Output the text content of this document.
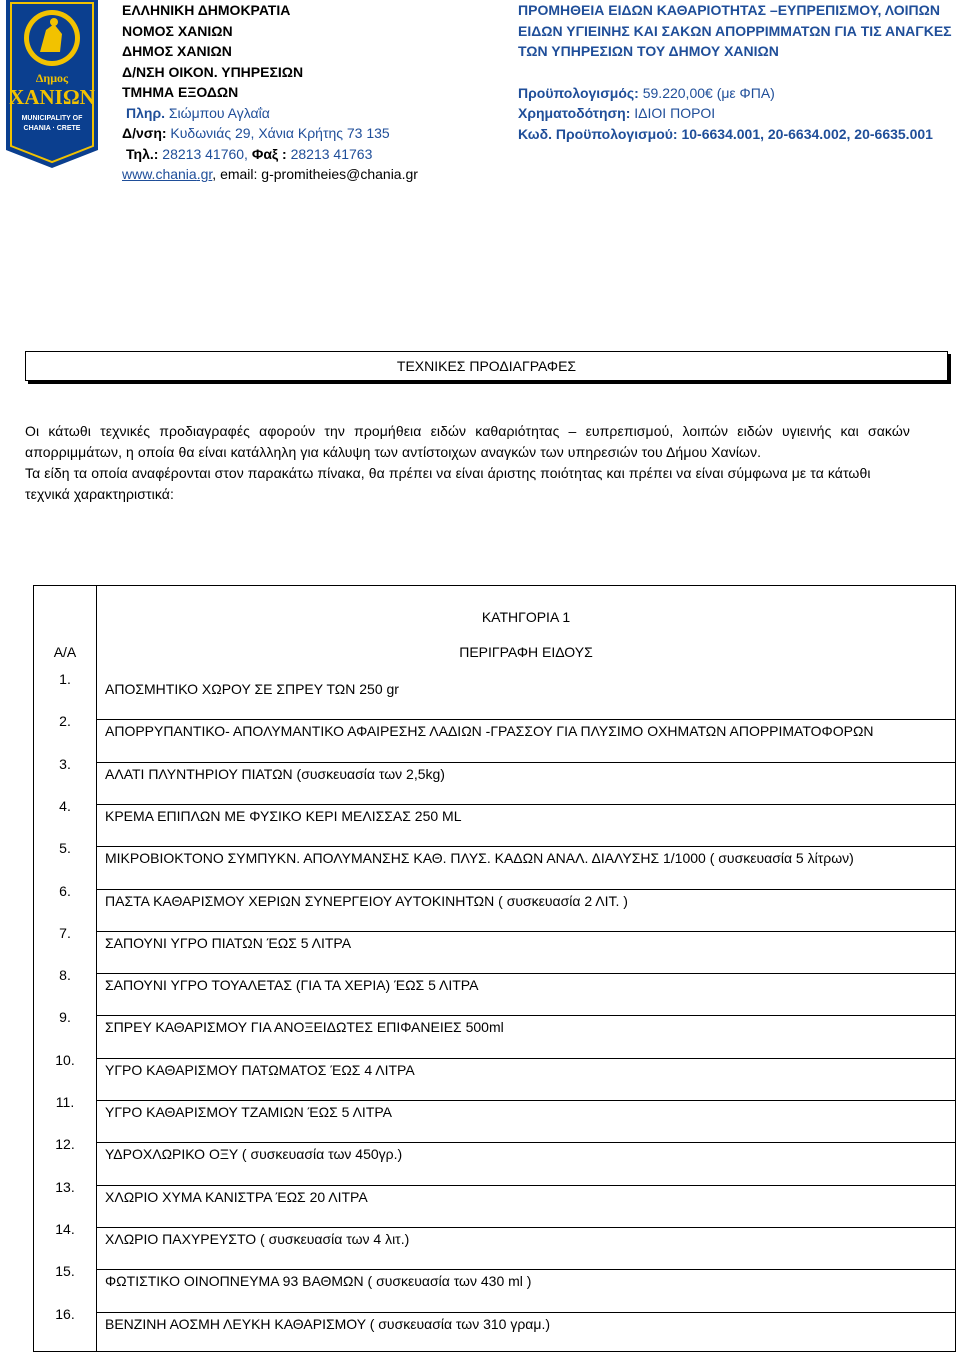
Δημος
ΧΑΝΙΩΝ
MUNICIPALITY OF
CHANIA · CRETE
ΕΛΛΗΝΙΚΗ ΔΗΜΟΚΡΑΤΙΑ
ΝΟΜΟΣ ΧΑΝΙΩΝ
ΔΗΜΟΣ ΧΑΝΙΩΝ
Δ/ΝΣΗ ΟΙΚΟΝ. ΥΠΗΡΕΣΙΩΝ
ΤΜΗΜΑ ΕΞΟΔΩΝ
Πληρ. Σιώμπου Αγλαΐα
Δ/νση: Κυδωνιάς 29, Χάνια Κρήτης 73 135
Τηλ.: 28213 41760, Φαξ : 28213 41763
www.chania.gr, email: g-promitheies@chania.gr
ΠΡΟΜΗΘΕΙΑ ΕΙΔΩΝ ΚΑΘΑΡΙΟΤΗΤΑΣ –ΕΥΠΡΕΠΙΣΜΟΥ, ΛΟΙΠΩΝ ΕΙΔΩΝ ΥΓΙΕΙΝΗΣ ΚΑΙ ΣΑΚΩΝ ΑΠΟΡΡΙΜΜΑΤΩΝ ΓΙΑ ΤΙΣ ΑΝΑΓΚΕΣ ΤΩΝ ΥΠΗΡΕΣΙΩΝ ΤΟΥ ΔΗΜΟΥ ΧΑΝΙΩΝ
Προϋπολογισμός: 59.220,00€ (με ΦΠΑ)
Χρηματοδότηση: ΙΔΙΟΙ ΠΟΡΟΙ
Κωδ. Προϋπολογισμού: 10-6634.001, 20-6634.002, 20-6635.001
ΤΕΧΝΙΚΕΣ ΠΡΟΔΙΑΓΡΑΦΕΣ

Οι κάτωθι τεχνικές προδιαγραφές αφορούν την προμήθεια ειδών καθαριότητας – ευπρεπισμού, λοιπών ειδών υγιεινής και σακών απορριμμάτων, η οποία θα είναι κατάλληλη για κάλυψη των αντίστοιχων αναγκών των υπηρεσιών του Δήμου Χανίων.

Τα είδη τα οποία αναφέρονται στον παρακάτω πίνακα, θα πρέπει να είναι άριστης ποιότητας και πρέπει να είναι σύμφωνα με τα κάτωθι τεχνικά χαρακτηριστικά:

ΚΑΤΗΓΟΡΙΑ 1
Α/Α	ΠΕΡΙΓΡΑΦΗ ΕΙΔΟΥΣ
1.
ΑΠΟΣΜΗΤΙΚΟ ΧΩΡΟΥ ΣΕ ΣΠΡΕΥ ΤΩΝ 250 gr
2.
ΑΠΟΡΡΥΠΑΝΤΙΚΟ- ΑΠΟΛΥΜΑΝΤΙΚΟ ΑΦΑΙΡΕΣΗΣ ΛΑΔΙΩΝ -ΓΡΑΣΣΟΥ ΓΙΑ ΠΛΥΣΙΜΟ ΟΧΗΜΑΤΩΝ ΑΠΟΡΡΙΜΑΤΟΦΟΡΩΝ
3.
ΑΛΑΤΙ ΠΛΥΝΤΗΡΙΟΥ ΠΙΑΤΩΝ (συσκευασία των 2,5kg)
4.
ΚΡΕΜΑ ΕΠΙΠΛΩΝ ΜΕ ΦΥΣΙΚΟ ΚΕΡΙ ΜΕΛΙΣΣΑΣ 250 ML
5.
ΜΙΚΡΟΒΙΟΚΤΟΝΟ ΣΥΜΠΥΚΝ. ΑΠΟΛΥΜΑΝΣΗΣ ΚΑΘ. ΠΛΥΣ. ΚΑΔΩΝ ΑΝΑΛ. ΔΙΑΛΥΣΗΣ 1/1000 ( συσκευασία 5 λίτρων)
6.
ΠΑΣΤΑ ΚΑΘΑΡΙΣΜΟΥ ΧΕΡΙΩΝ ΣΥΝΕΡΓΕΙΟΥ ΑΥΤΟΚΙΝΗΤΩΝ ( συσκευασία 2 ΛΙΤ. )
7.
ΣΑΠΟΥΝΙ ΥΓΡΟ ΠΙΑΤΩΝ ΈΩΣ 5 ΛΙΤΡΑ
8.
ΣΑΠΟΥΝΙ ΥΓΡΟ ΤΟΥΑΛΕΤΑΣ (ΓΙΑ ΤΑ ΧΕΡΙΑ) ΈΩΣ 5 ΛΙΤΡΑ
9.
ΣΠΡΕΥ ΚΑΘΑΡΙΣΜΟΥ ΓΙΑ ΑΝΟΞΕΙΔΩΤΕΣ ΕΠΙΦΑΝΕΙΕΣ 500ml
10.
ΥΓΡΟ ΚΑΘΑΡΙΣΜΟΥ ΠΑΤΩΜΑΤΟΣ ΈΩΣ 4 ΛΙΤΡΑ
11.
ΥΓΡΟ ΚΑΘΑΡΙΣΜΟΥ ΤΖΑΜΙΩΝ ΈΩΣ 5 ΛΙΤΡΑ
12.
ΥΔΡΟΧΛΩΡΙΚΟ ΟΞΥ ( συσκευασία των 450γρ.)
13.
ΧΛΩΡΙΟ ΧΥΜΑ ΚΑΝΙΣΤΡΑ ΈΩΣ 20 ΛΙΤΡΑ
14.
ΧΛΩΡΙΟ ΠΑΧΥΡΕΥΣΤΟ ( συσκευασία των 4 λιτ.)
15.
ΦΩΤΙΣΤΙΚΟ ΟΙΝΟΠΝΕΥΜΑ 93 ΒΑΘΜΩΝ ( συσκευασία των 430 ml )
16.
ΒΕΝΖΙΝΗ ΑΟΣΜΗ ΛΕΥΚΗ ΚΑΘΑΡΙΣΜΟΥ ( συσκευασία των 310 γραμ.)
